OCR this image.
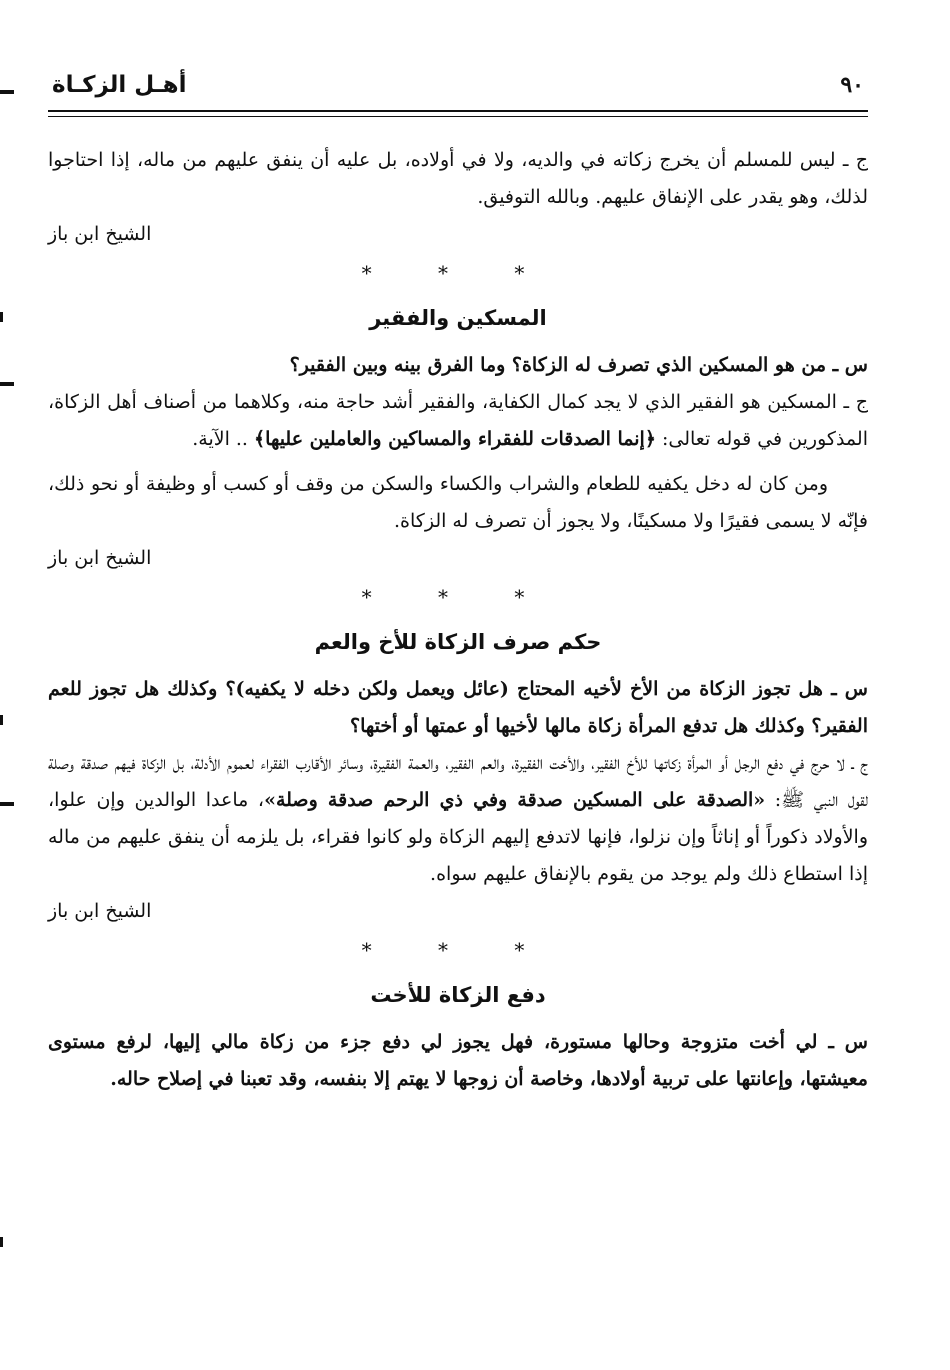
٩٠
أهـل الزكـاة

ج ـ ليس للمسلم أن يخرج زكاته في والديه، ولا في أولاده، بل عليه أن ينفق عليهم من ماله، إذا احتاجوا لذلك، وهو يقدر على الإنفاق عليهم. وبالله التوفيق.

الشيخ ابن باز

* * *
المسكين والفقير

س ـ من هو المسكين الذي تصرف له الزكاة؟ وما الفرق بينه وبين الفقير؟

ج ـ المسكين هو الفقير الذي لا يجد كمال الكفاية، والفقير أشد حاجة منه، وكلاهما من أصناف أهل الزكاة، المذكورين في قوله تعالى: ﴿إنما الصدقات للفقراء والمساكين والعاملين عليها﴾ .. الآية.

ومن كان له دخل يكفيه للطعام والشراب والكساء والسكن من وقف أو كسب أو وظيفة أو نحو ذلك، فإنّه لا يسمى فقيرًا ولا مسكينًا، ولا يجوز أن تصرف له الزكاة.

الشيخ ابن باز

* * *
حكم صرف الزكاة للأخ والعم

س ـ هل تجوز الزكاة من الأخ لأخيه المحتاج (عائل ويعمل ولكن دخله لا يكفيه)؟ وكذلك هل تجوز للعم الفقير؟ وكذلك هل تدفع المرأة زكاة مالها لأخيها أو عمتها أو أختها؟

ج ـ لا حرج في دفع الرجل أو المرأة زكاتها للأخ الفقير، والأخت الفقيرة، والعم الفقير، والعمة الفقيرة، وسائر الأقارب الفقراء لعموم الأدلة، بل الزكاة فيهم صدقة وصلة لقول النبي ﷺ: «الصدقة على المسكين صدقة وفي ذي الرحم صدقة وصلة»، ماعدا الوالدين وإن علوا، والأولاد ذكوراً أو إناثاً وإن نزلوا، فإنها لاتدفع إليهم الزكاة ولو كانوا فقراء، بل يلزمه أن ينفق عليهم من ماله إذا استطاع ذلك ولم يوجد من يقوم بالإنفاق عليهم سواه.

الشيخ ابن باز

* * *
دفع الزكاة للأخت

س ـ لي أخت متزوجة وحالها مستورة، فهل يجوز لي دفع جزء من زكاة مالي إليها، لرفع مستوى معيشتها، وإعانتها على تربية أولادها، وخاصة أن زوجها لا يهتم إلا بنفسه، وقد تعبنا في إصلاح حاله.
